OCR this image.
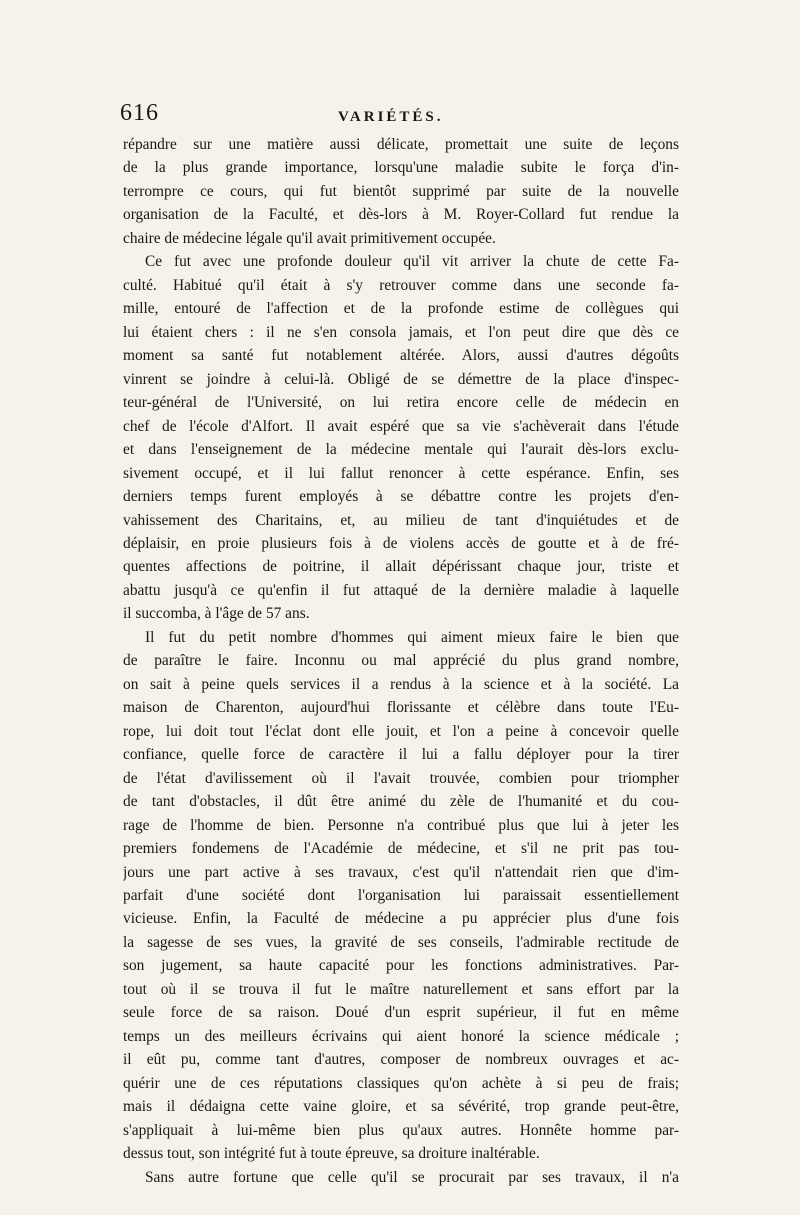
616	VARIÉTÉS.
répandre sur une matière aussi délicate, promettait une suite de leçons
de la plus grande importance, lorsqu'une maladie subite le força d'in-
terrompre ce cours, qui fut bientôt supprimé par suite de la nouvelle
organisation de la Faculté, et dès-lors à M. Royer-Collard fut rendue la
chaire de médecine légale qu'il avait primitivement occupée.
Ce fut avec une profonde douleur qu'il vit arriver la chute de cette Fa-
culté. Habitué qu'il était à s'y retrouver comme dans une seconde fa-
mille, entouré de l'affection et de la profonde estime de collègues qui
lui étaient chers : il ne s'en consola jamais, et l'on peut dire que dès ce
moment sa santé fut notablement altérée. Alors, aussi d'autres dégoûts
vinrent se joindre à celui-là. Obligé de se démettre de la place d'inspec-
teur-général de l'Université, on lui retira encore celle de médecin en
chef de l'école d'Alfort. Il avait espéré que sa vie s'achèverait dans l'étude
et dans l'enseignement de la médecine mentale qui l'aurait dès-lors exclu-
sivement occupé, et il lui fallut renoncer à cette espérance. Enfin, ses
derniers temps furent employés à se débattre contre les projets d'en-
vahissement des Charitains, et, au milieu de tant d'inquiétudes et de
déplaisir, en proie plusieurs fois à de violens accès de goutte et à de fré-
quentes affections de poitrine, il allait dépérissant chaque jour, triste et
abattu jusqu'à ce qu'enfin il fut attaqué de la dernière maladie à laquelle
il succomba, à l'âge de 57 ans.
Il fut du petit nombre d'hommes qui aiment mieux faire le bien que
de paraître le faire. Inconnu ou mal apprécié du plus grand nombre,
on sait à peine quels services il a rendus à la science et à la société. La
maison de Charenton, aujourd'hui florissante et célèbre dans toute l'Eu-
rope, lui doit tout l'éclat dont elle jouit, et l'on a peine à concevoir quelle
confiance, quelle force de caractère il lui a fallu déployer pour la tirer
de l'état d'avilissement où il l'avait trouvée, combien pour triompher
de tant d'obstacles, il dût être animé du zèle de l'humanité et du cou-
rage de l'homme de bien. Personne n'a contribué plus que lui à jeter les
premiers fondemens de l'Académie de médecine, et s'il ne prit pas tou-
jours une part active à ses travaux, c'est qu'il n'attendait rien que d'im-
parfait d'une société dont l'organisation lui paraissait essentiellement
vicieuse. Enfin, la Faculté de médecine a pu apprécier plus d'une fois
la sagesse de ses vues, la gravité de ses conseils, l'admirable rectitude de
son jugement, sa haute capacité pour les fonctions administratives. Par-
tout où il se trouva il fut le maître naturellement et sans effort par la
seule force de sa raison. Doué d'un esprit supérieur, il fut en même
temps un des meilleurs écrivains qui aient honoré la science médicale ;
il eût pu, comme tant d'autres, composer de nombreux ouvrages et ac-
quérir une de ces réputations classiques qu'on achète à si peu de frais;
mais il dédaigna cette vaine gloire, et sa sévérité, trop grande peut-être,
s'appliquait à lui-même bien plus qu'aux autres. Honnête homme par-
dessus tout, son intégrité fut à toute épreuve, sa droiture inaltérable.
Sans autre fortune que celle qu'il se procurait par ses travaux, il n'a
